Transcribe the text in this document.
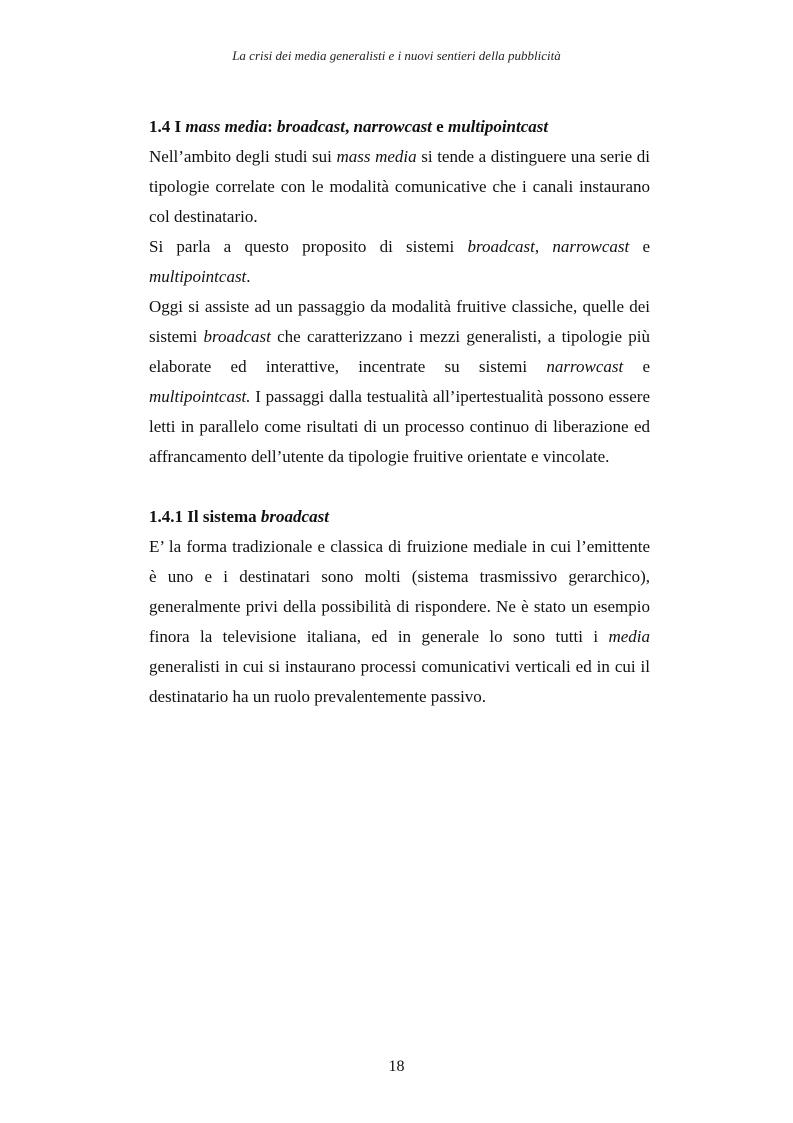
La crisi dei media generalisti e i nuovi sentieri della pubblicità
1.4 I mass media: broadcast, narrowcast e multipointcast

Nell’ambito degli studi sui mass media si tende a distinguere una serie di tipologie correlate con le modalità comunicative che i canali instaurano col destinatario.

Si parla a questo proposito di sistemi broadcast, narrowcast e multipointcast.

Oggi si assiste ad un passaggio da modalità fruitive classiche, quelle dei sistemi broadcast che caratterizzano i mezzi generalisti, a tipologie più elaborate ed interattive, incentrate su sistemi narrowcast e multipointcast. I passaggi dalla testualità all’ipertestualità possono essere letti in parallelo come risultati di un processo continuo di liberazione ed affrancamento dell’utente da tipologie fruitive orientate e vincolate.

1.4.1 Il sistema broadcast

E’ la forma tradizionale e classica di fruizione mediale in cui l’emittente è uno e i destinatari sono molti (sistema trasmissivo gerarchico), generalmente privi della possibilità di rispondere. Ne è stato un esempio finora la televisione italiana, ed in generale lo sono tutti i media generalisti in cui si instaurano processi comunicativi verticali ed in cui il destinatario ha un ruolo prevalentemente passivo.

18
